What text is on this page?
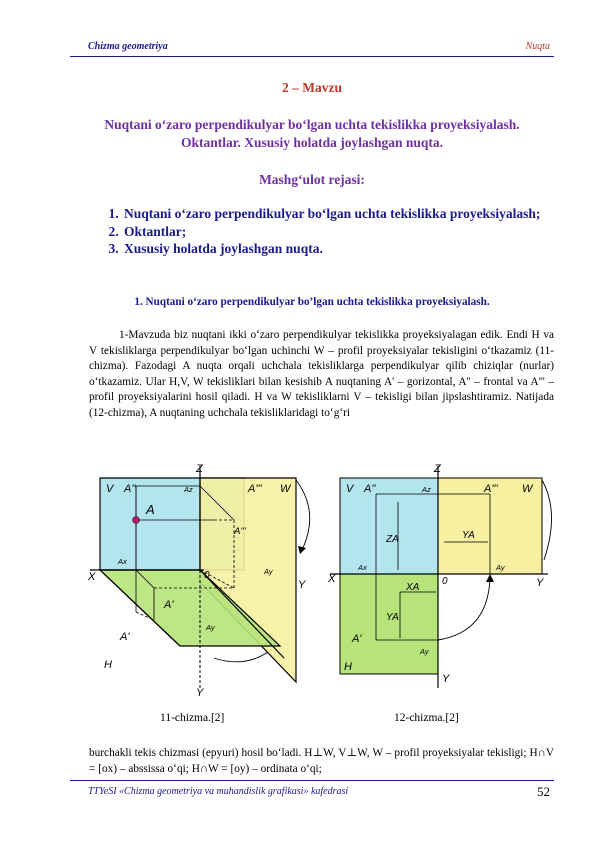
Chizma geometriya	Nuqta
2 – Mavzu
Nuqtani o‘zaro perpendikulyar bo‘lgan uchta tekislikka proyeksiyalash. Oktantlar. Xususiy holatda joylashgan nuqta.
Mashg‘ulot rejasi:
1. Nuqtani o‘zaro perpendikulyar bo‘lgan uchta tekislikka proyeksiyalash;
2. Oktantlar;
3. Xususiy holatda joylashgan nuqta.
1. Nuqtani o‘zaro perpendikulyar bo’lgan uchta tekislikka proyeksiyalash.

1-Mavzuda biz nuqtani ikki o‘zaro perpendikulyar tekislikka proyeksiyalagan edik. Endi H va V tekisliklarga perpendikulyar bo‘lgan uchinchi W – profil proyeksiyalar tekisligini o‘tkazamiz (11-chizma). Fazodagi A nuqta orqali uchchala tekisliklarga perpendikulyar qilib chiziqlar (nurlar) o‘tkazamiz. Ular H,V, W tekisliklari bilan kesishib A nuqtaning A' – gorizontal, A'' – frontal va A''' – profil proyeksiyalarini hosil qiladi. H va W tekisliklarni V – tekisligi bilan jipslashtiramiz. Natijada (12-chizma), A nuqtaning uchchala tekisliklaridagi to‘g‘ri

Z
V A''	Az	A''' W
A
A'''
X
Ax
0	Ay
Y
A'
Ay
A'
H
Y
Z
V A''	Az	A''' W
ZA	YA
Ax	Ay
X	0	Y
XA
YA
A'
Ay
H
Y
11-chizma.[2]	12-chizma.[2]

burchakli tekis chizmasi (epyuri) hosil bo‘ladi. H⊥W, V⊥W, W – profil proyeksiyalar tekisligi; H∩V = [ox) – abssissa o‘qi; H∩W = [oy) – ordinata o‘qi;

TTYeSI «Chizma geometriya va muhandislik grafikasi» kafedrasi	52
